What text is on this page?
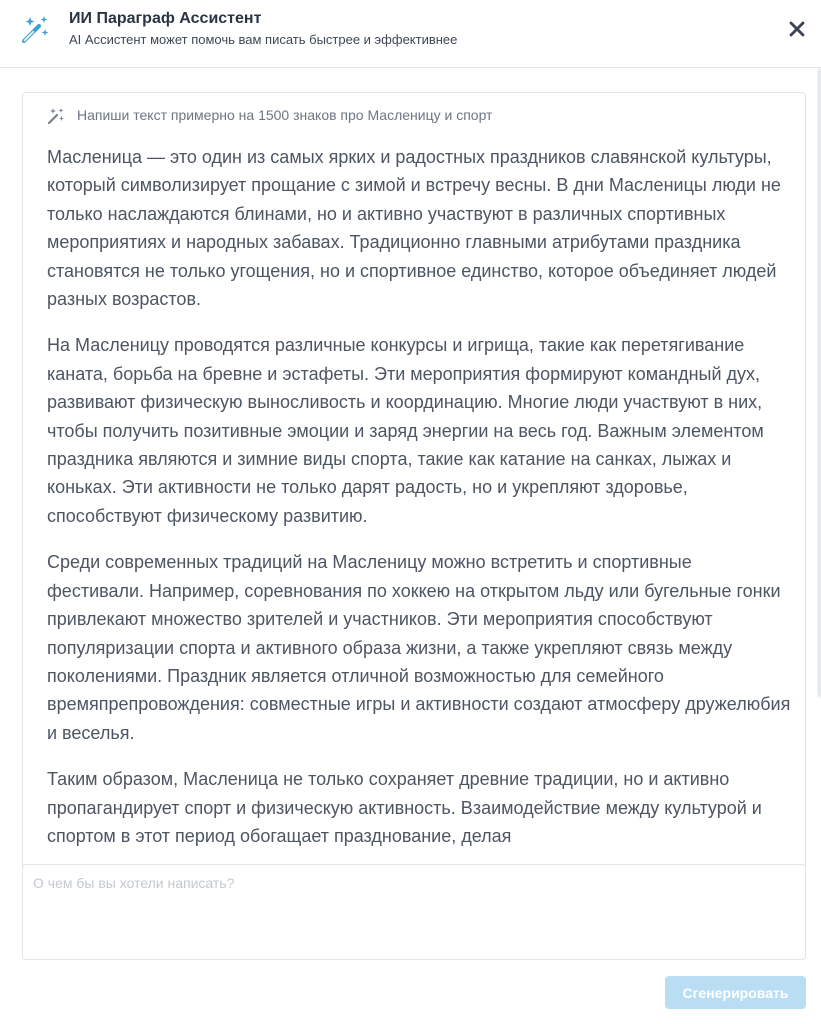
ИИ Параграф Ассистент
AI Ассистент может помочь вам писать быстрее и эффективнее
Напиши текст примерно на 1500 знаков про Масленицу и спорт

Масленица — это один из самых ярких и радостных праздников славянской культуры, который символизирует прощание с зимой и встречу весны. В дни Масленицы люди не только наслаждаются блинами, но и активно участвуют в различных спортивных мероприятиях и народных забавах. Традиционно главными атрибутами праздника становятся не только угощения, но и спортивное единство, которое объединяет людей разных возрастов.

На Масленицу проводятся различные конкурсы и игрища, такие как перетягивание каната, борьба на бревне и эстафеты. Эти мероприятия формируют командный дух, развивают физическую выносливость и координацию. Многие люди участвуют в них, чтобы получить позитивные эмоции и заряд энергии на весь год. Важным элементом праздника являются и зимние виды спорта, такие как катание на санках, лыжах и коньках. Эти активности не только дарят радость, но и укрепляют здоровье, способствуют физическому развитию.

Среди современных традиций на Масленицу можно встретить и спортивные фестивали. Например, соревнования по хоккею на открытом льду или бугельные гонки привлекают множество зрителей и участников. Эти мероприятия способствуют популяризации спорта и активного образа жизни, а также укрепляют связь между поколениями. Праздник является отличной возможностью для семейного времяпрепровождения: совместные игры и активности создают атмосферу дружелюбия и веселья.

Таким образом, Масленица не только сохраняет древние традиции, но и активно пропагандирует спорт и физическую активность. Взаимодействие между культурой и спортом в этот период обогащает празднование, делая

О чем бы вы хотели написать?
Сгенерировать
